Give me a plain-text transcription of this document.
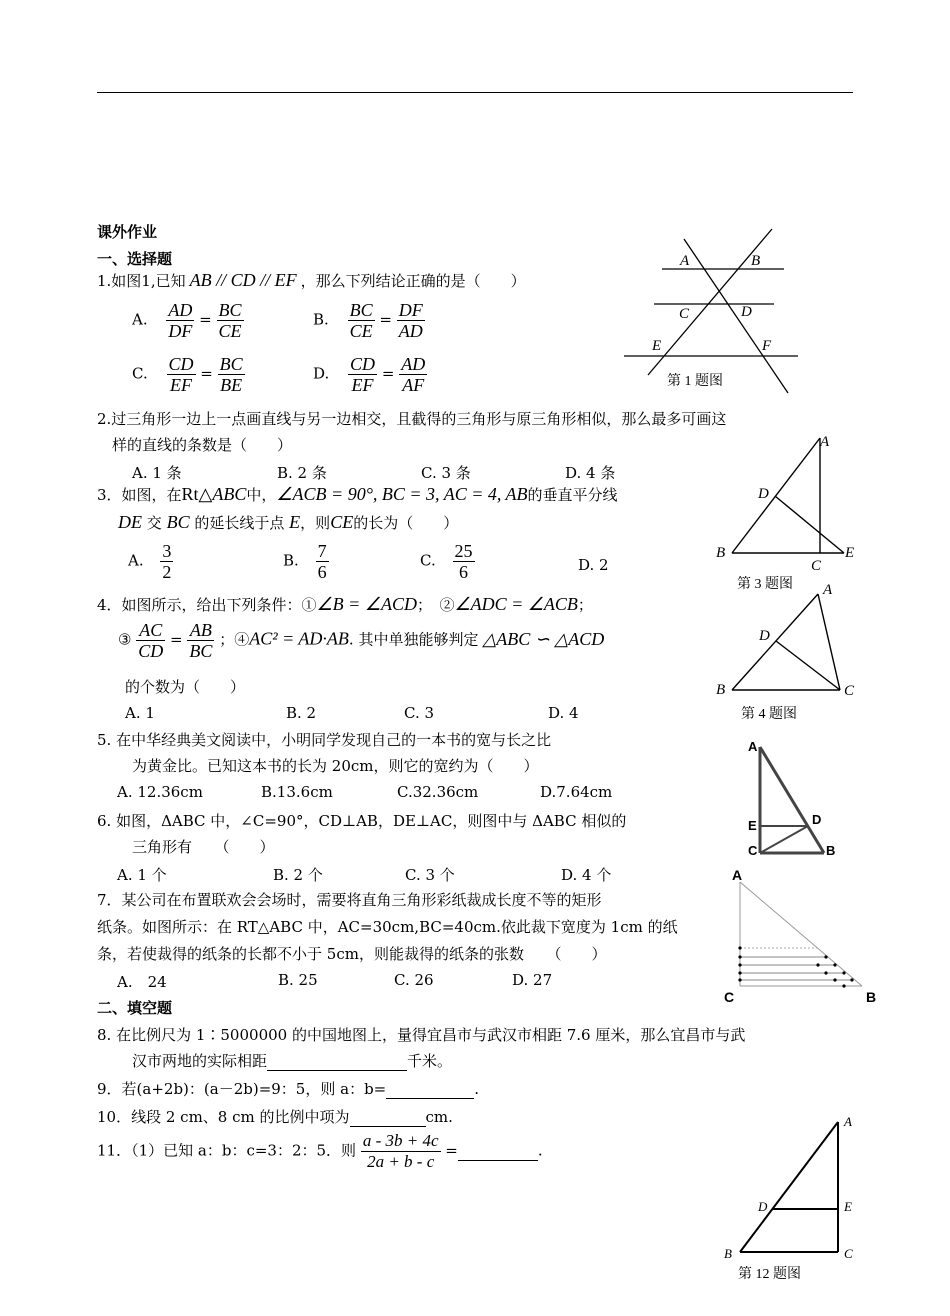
课外作业
一、选择题
1.如图1,已知 AB // CD // EF ，那么下列结论正确的是（　　）
A. $\frac{AD}{DF} = \frac{BC}{CE}$	B. $\frac{BC}{CE} = \frac{DF}{AD}$
C. $\frac{CD}{EF} = \frac{BC}{BE}$	D. $\frac{CD}{EF} = \frac{AD}{AF}$
A	B
C	D
E	F
第 1 题图
2.过三角形一边上一点画直线与另一边相交，且截得的三角形与原三角形相似，那么最多可画这
样的直线的条数是（　　）
A. 1 条	B. 2 条	C. 3 条	D. 4 条
A
D
B
C
E
第 3 题图
3．如图，在Rt△ABC中，∠ACB = 90°, BC = 3, AC = 4, AB的垂直平分线
DE 交 BC 的延长线于点 E，则CE的长为（　　）
A. $\frac{3}{2}$	B. $\frac{7}{6}$	C. $\frac{25}{6}$	D. 2
4．如图所示，给出下列条件：①∠B = ∠ACD；　②∠ADC = ∠ACB；
③ $\frac{AC}{CD} = \frac{AB}{BC}$ ；④AC² = AD·AB. 其中单独能够判定 △ABC ∽ △ACD
的个数为（　　）
A. 1	B. 2	C. 3	D. 4
A
D
B	C
第 4 题图
5. 在中华经典美文阅读中，小明同学发现自己的一本书的宽与长之比
为黄金比。已知这本书的长为 20cm，则它的宽约为（　　）
A. 12.36cm	B.13.6cm	C.32.36cm	D.7.64cm
A
E	D
C	B
6. 如图，ΔABC 中，∠C=90°，CD⊥AB，DE⊥AC，则图中与 ΔABC 相似的
三角形有　　（　　）
A. 1 个	B. 2 个	C. 3 个	D. 4 个	A
C	B
7．某公司在布置联欢会会场时，需要将直角三角形彩纸裁成长度不等的矩形
纸条。如图所示：在 RT△ABC 中，AC=30cm,BC=40cm.依此裁下宽度为 1cm 的纸
条，若使裁得的纸条的长都不小于 5cm，则能裁得的纸条的张数　　（　　）
A.　24	B. 25	C. 26	D. 27
二、填空题
8. 在比例尺为 1∶5000000 的中国地图上，量得宜昌市与武汉市相距 7.6 厘米，那么宜昌市与武
汉市两地的实际相距	千米。
9．若(a+2b)：(a－2b)=9：5，则 a：b=	.
10．线段 2 cm、8 cm 的比例中项为	cm.
11．（1）已知 a：b：c=3：2：5．则 $\frac{a - 3b + 4c}{2a + b - c}$ =	.
A
D	E
B	C
第 12 题图
